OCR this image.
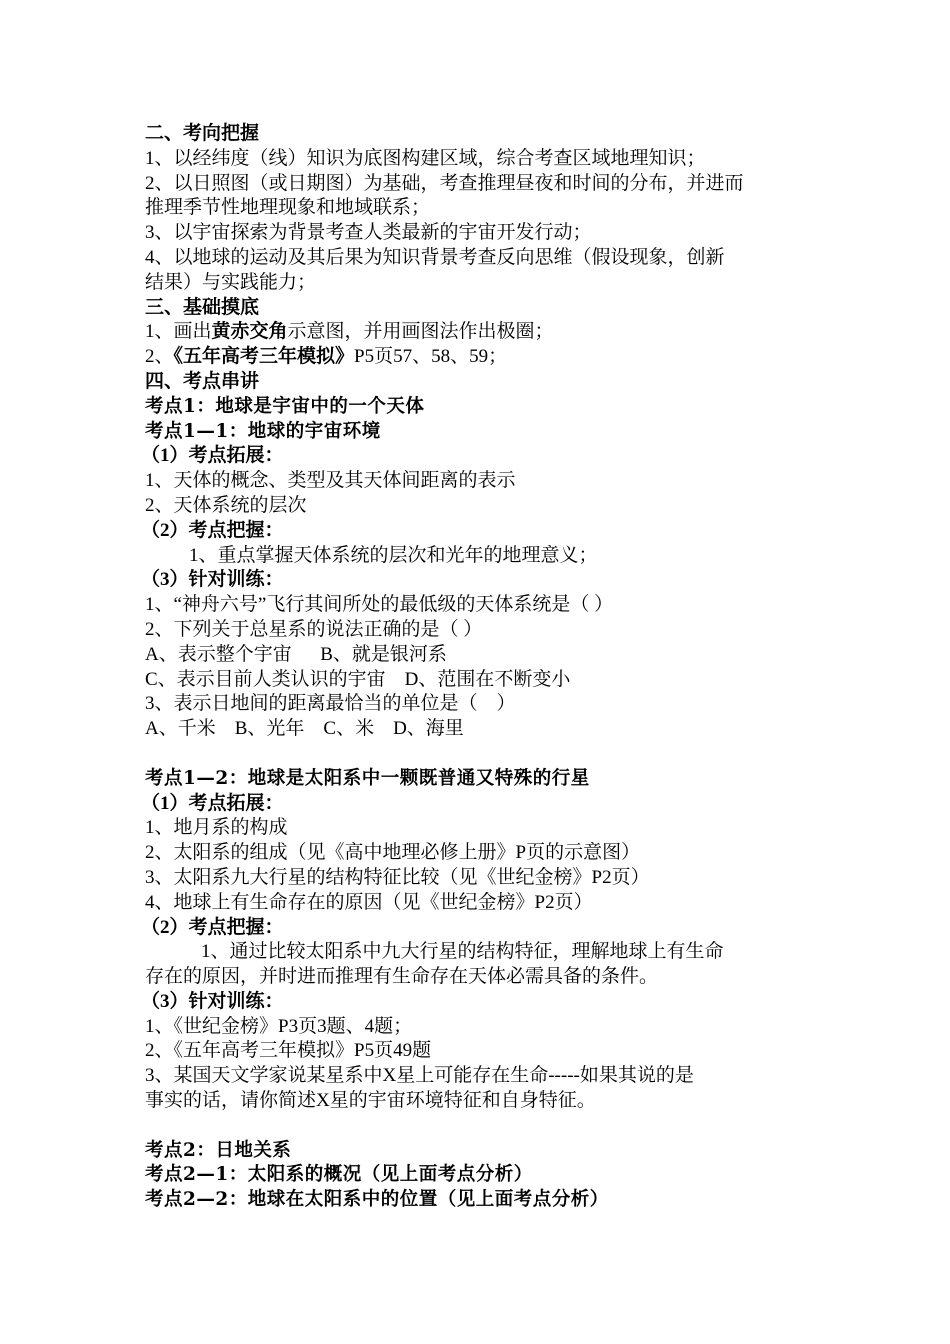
二、考向把握
1、以经纬度（线）知识为底图构建区域，综合考查区域地理知识；
2、以日照图（或日期图）为基础，考查推理昼夜和时间的分布，并进而
推理季节性地理现象和地域联系；
3、以宇宙探索为背景考查人类最新的宇宙开发行动；
4、以地球的运动及其后果为知识背景考查反向思维（假设现象，创新
结果）与实践能力；
三、基础摸底
1、画出黄赤交角示意图，并用画图法作出极圈；
2、《五年高考三年模拟》P5页57、58、59；
四、考点串讲
考点1：地球是宇宙中的一个天体
考点1—1：地球的宇宙环境
（1）考点拓展：
1、天体的概念、类型及其天体间距离的表示
2、天体系统的层次
（2）考点把握：
1、重点掌握天体系统的层次和光年的地理意义；
（3）针对训练：
1、“神舟六号”飞行其间所处的最低级的天体系统是（ ）
2、下列关于总星系的说法正确的是（ ）
A、表示整个宇宙      B、就是银河系
C、表示目前人类认识的宇宙    D、范围在不断变小
3、表示日地间的距离最恰当的单位是（    ）
A、千米    B、光年    C、米    D、海里
考点1—2：地球是太阳系中一颗既普通又特殊的行星
（1）考点拓展：
1、地月系的构成
2、太阳系的组成（见《高中地理必修上册》P页的示意图）
3、太阳系九大行星的结构特征比较（见《世纪金榜》P2页）
4、地球上有生命存在的原因（见《世纪金榜》P2页）
（2）考点把握：
1、通过比较太阳系中九大行星的结构特征，理解地球上有生命
存在的原因，并时进而推理有生命存在天体必需具备的条件。
（3）针对训练：
1、《世纪金榜》P3页3题、4题；
2、《五年高考三年模拟》P5页49题
3、某国天文学家说某星系中X星上可能存在生命-----如果其说的是
事实的话，请你简述X星的宇宙环境特征和自身特征。
考点2：日地关系
考点2—1：太阳系的概况（见上面考点分析）
考点2—2：地球在太阳系中的位置（见上面考点分析）
